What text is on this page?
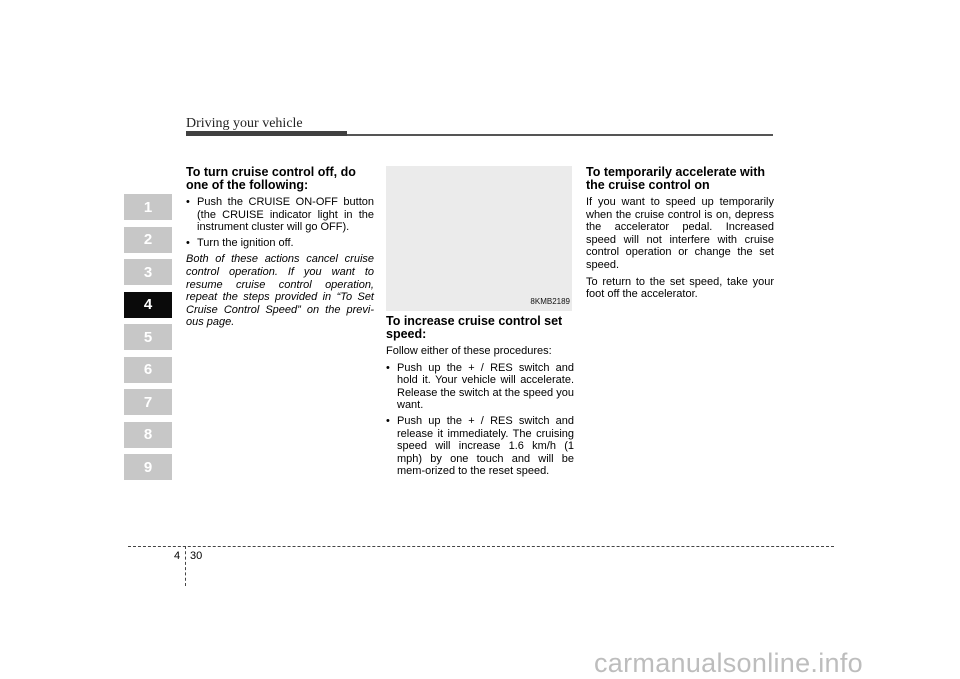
Driving your vehicle
1
2
3
4
5
6
7
8
9
To turn cruise control off, do one of the following:
• Push the CRUISE ON-OFF button (the CRUISE indicator light in the instrument cluster will go OFF).
• Turn the ignition off.

Both of these actions cancel cruise control operation. If you want to resume cruise control operation, repeat the steps provided in “To Set Cruise Control Speed” on the previ-ous page.

8KMB2189
To increase cruise control set speed:

Follow either of these procedures:

• Push up the + / RES switch and hold it. Your vehicle will accelerate. Release the switch at the speed you want.
• Push up the + / RES switch and release it immediately. The cruising speed will increase 1.6 km/h (1 mph) by one touch and will be mem-orized to the reset speed.
To temporarily accelerate with the cruise control on

If you want to speed up temporarily when the cruise control is on, depress the accelerator pedal. Increased speed will not interfere with cruise control operation or change the set speed.

To return to the set speed, take your foot off the accelerator.

4 30
carmanualsonline.info
